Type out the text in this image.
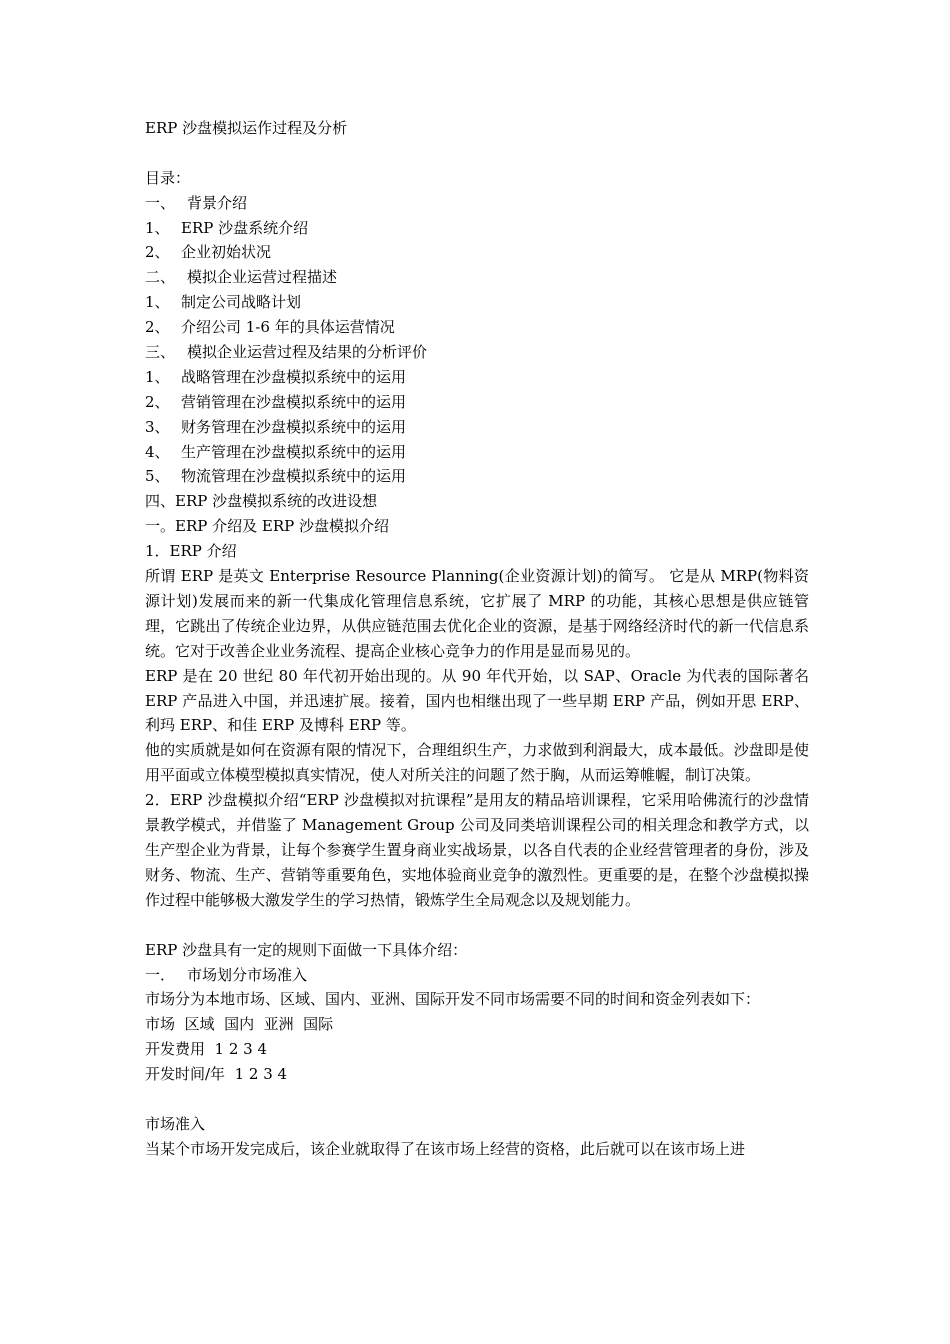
ERP 沙盘模拟运作过程及分析
目录：
一、 背景介绍
1、 ERP 沙盘系统介绍
2、 企业初始状况
二、 模拟企业运营过程描述
1、 制定公司战略计划
2、 介绍公司 1-6 年的具体运营情况
三、 模拟企业运营过程及结果的分析评价
1、 战略管理在沙盘模拟系统中的运用
2、 营销管理在沙盘模拟系统中的运用
3、 财务管理在沙盘模拟系统中的运用
4、 生产管理在沙盘模拟系统中的运用
5、 物流管理在沙盘模拟系统中的运用
四、ERP 沙盘模拟系统的改进设想
一。ERP 介绍及 ERP 沙盘模拟介绍
1．ERP 介绍
所谓 ERP 是英文 Enterprise Resource Planning(企业资源计划)的简写。 它是从 MRP(物料资源计划)发展而来的新一代集成化管理信息系统，它扩展了 MRP 的功能，其核心思想是供应链管理，它跳出了传统企业边界，从供应链范围去优化企业的资源，是基于网络经济时代的新一代信息系统。它对于改善企业业务流程、提高企业核心竞争力的作用是显而易见的。
ERP 是在 20 世纪 80 年代初开始出现的。从 90 年代开始，以 SAP、Oracle 为代表的国际著名 ERP 产品进入中国，并迅速扩展。接着，国内也相继出现了一些早期 ERP 产品，例如开思 ERP、利玛 ERP、和佳 ERP 及博科 ERP 等。
他的实质就是如何在资源有限的情况下，合理组织生产，力求做到利润最大，成本最低。沙盘即是使用平面或立体模型模拟真实情况，使人对所关注的问题了然于胸，从而运筹帷幄，制订决策。
2．ERP 沙盘模拟介绍“ERP 沙盘模拟对抗课程”是用友的精品培训课程，它采用哈佛流行的沙盘情景教学模式，并借鉴了 Management Group 公司及同类培训课程公司的相关理念和教学方式，以生产型企业为背景，让每个参赛学生置身商业实战场景，以各自代表的企业经营管理者的身份，涉及财务、物流、生产、营销等重要角色，实地体验商业竞争的激烈性。更重要的是，在整个沙盘模拟操作过程中能够极大激发学生的学习热情，锻炼学生全局观念以及规划能力。
ERP 沙盘具有一定的规则下面做一下具体介绍：
一． 市场划分市场准入
市场分为本地市场、区域、国内、亚洲、国际开发不同市场需要不同的时间和资金列表如下：
市场  区域  国内  亚洲  国际
开发费用  1 2 3 4
开发时间/年  1 2 3 4
市场准入
当某个市场开发完成后，该企业就取得了在该市场上经营的资格，此后就可以在该市场上进
